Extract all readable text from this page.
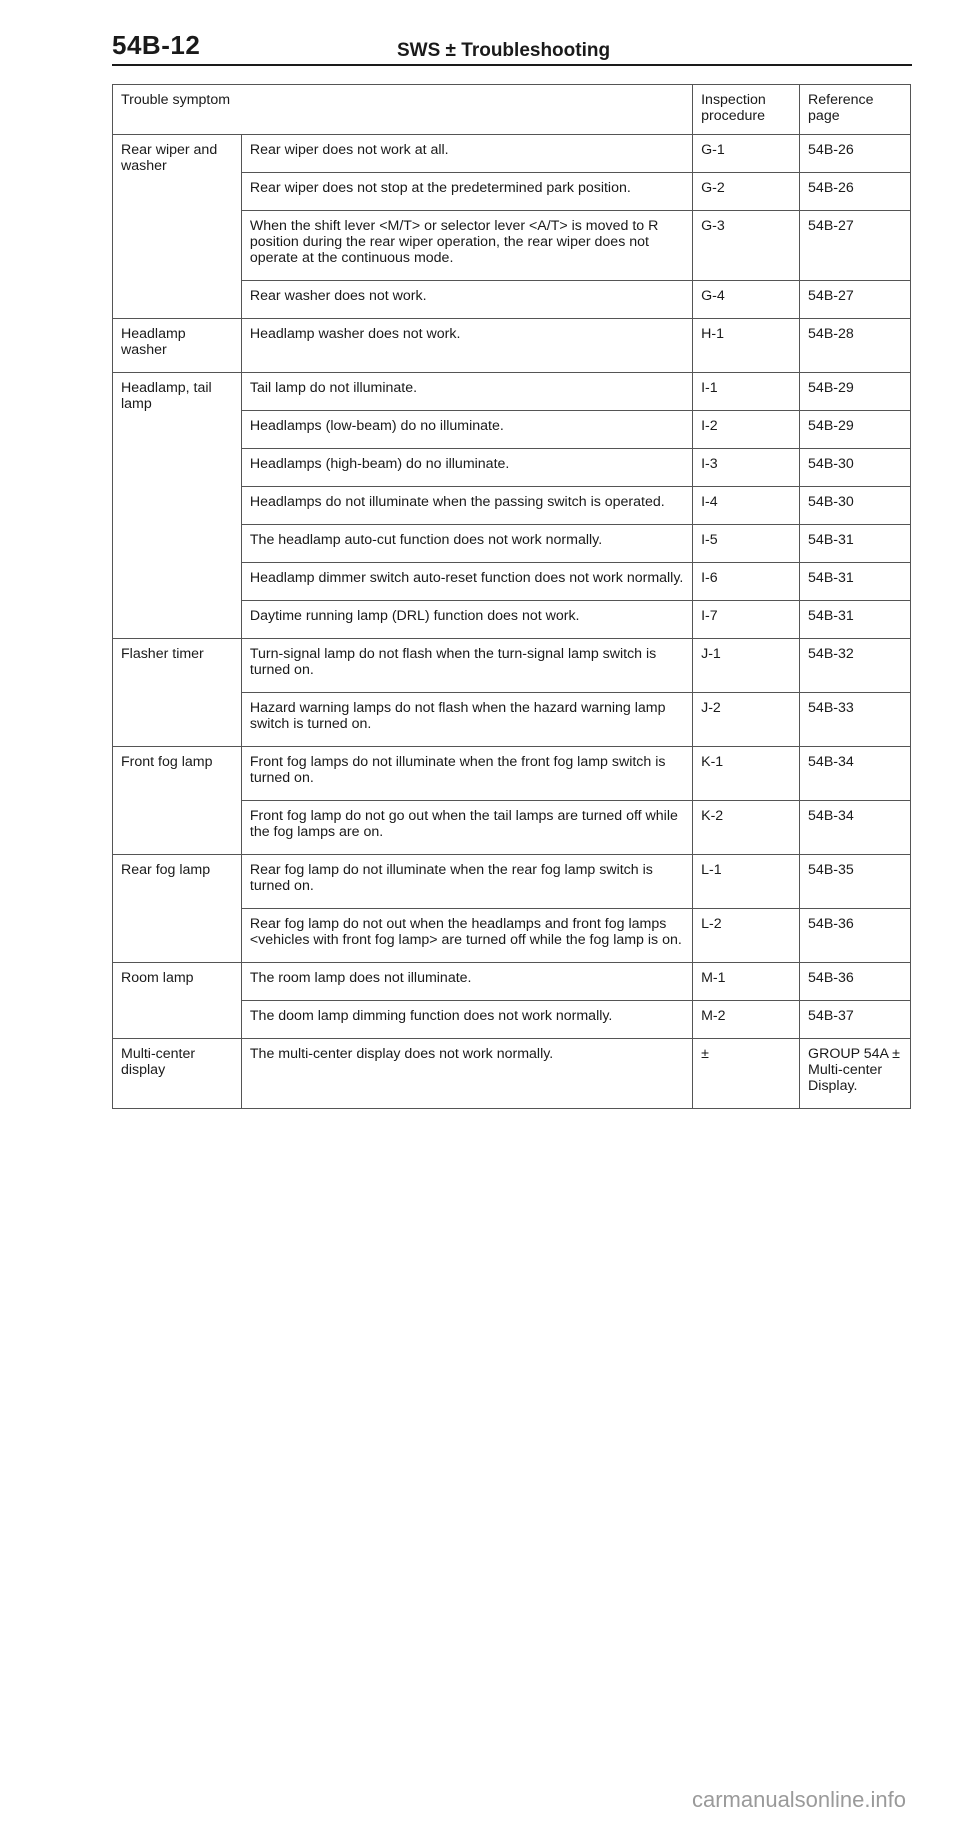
54B-12	SWS ± Troubleshooting
Trouble symptom		Inspection procedure	Reference page
Rear wiper and washer	Rear wiper does not work at all.	G-1	54B-26
	Rear wiper does not stop at the predetermined park position.	G-2	54B-26
	When the shift lever <M/T> or selector lever <A/T> is moved to R position during the rear wiper operation, the rear wiper does not operate at the continuous mode.	G-3	54B-27
	Rear washer does not work.	G-4	54B-27
Headlamp washer	Headlamp washer does not work.	H-1	54B-28
Headlamp, tail lamp	Tail lamp do not illuminate.	I-1	54B-29
	Headlamps (low-beam) do no illuminate.	I-2	54B-29
	Headlamps (high-beam) do no illuminate.	I-3	54B-30
	Headlamps do not illuminate when the passing switch is operated.	I-4	54B-30
	The headlamp auto-cut function does not work normally.	I-5	54B-31
	Headlamp dimmer switch auto-reset function does not work normally.	I-6	54B-31
	Daytime running lamp (DRL) function does not work.	I-7	54B-31
Flasher timer	Turn-signal lamp do not flash when the turn-signal lamp switch is turned on.	J-1	54B-32
	Hazard warning lamps do not flash when the hazard warning lamp switch is turned on.	J-2	54B-33
Front fog lamp	Front fog lamps do not illuminate when the front fog lamp switch is turned on.	K-1	54B-34
	Front fog lamp do not go out when the tail lamps are turned off while the fog lamps are on.	K-2	54B-34
Rear fog lamp	Rear fog lamp do not illuminate when the rear fog lamp switch is turned on.	L-1	54B-35
	Rear fog lamp do not out when the headlamps and front fog lamps <vehicles with front fog lamp> are turned off while the fog lamp is on.	L-2	54B-36
Room lamp	The room lamp does not illuminate.	M-1	54B-36
	The doom lamp dimming function does not work normally.	M-2	54B-37
Multi-center display	The multi-center display does not work normally.	±	GROUP 54A ± Multi-center Display.
carmanualsonline.info
